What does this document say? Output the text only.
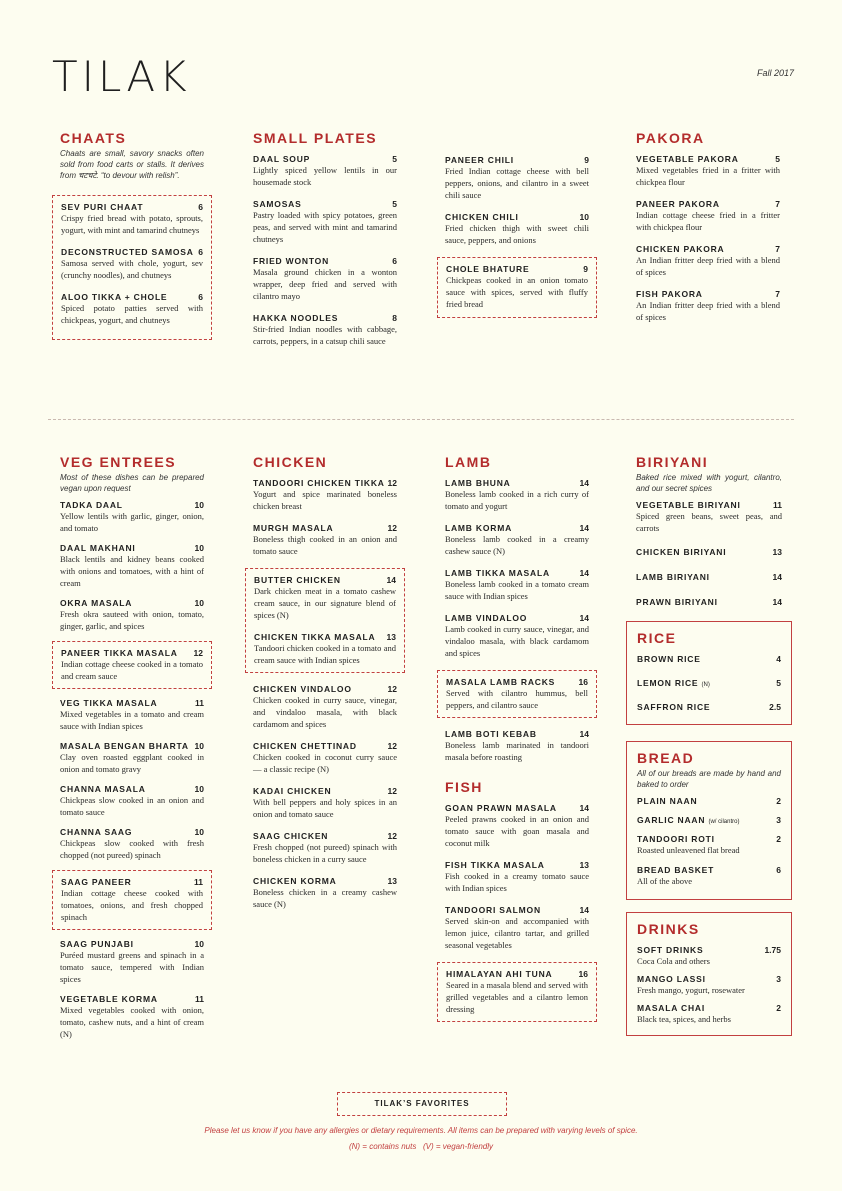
TILAK	Fall 2017
CHAATS
Chaats are small, savory snacks often sold from food carts or stalls. It derives from चटचटे. “to devour with relish”.
SEV PURI CHAAT	6
Crispy fried bread with potato, sprouts, yogurt, with mint and tamarind chutneys
DECONSTRUCTED SAMOSA 6
Samosa served with chole, yogurt, sev (crunchy noodles), and chutneys
ALOO TIKKA + CHOLE	6
Spiced potato patties served with chickpeas, yogurt, and chutneys
SMALL PLATES
DAAL SOUP	5
Lightly spiced yellow lentils in our housemade stock
SAMOSAS	5
Pastry loaded with spicy potatoes, green peas, and served with mint and tamarind chutneys
FRIED WONTON	6
Masala ground chicken in a wonton wrapper, deep fried and served with cilantro mayo
HAKKA NOODLES	8
Stir-fried Indian noodles with cabbage, carrots, peppers, in a catsup chili sauce
PANEER CHILI	9
Fried Indian cottage cheese with bell peppers, onions, and cilantro in a sweet chili sauce
CHICKEN CHILI	10
Fried chicken thigh with sweet chili sauce, peppers, and onions
CHOLE BHATURE	9
Chickpeas cooked in an onion tomato sauce with spices, served with fluffy fried bread
PAKORA
VEGETABLE PAKORA	5
Mixed vegetables fried in a fritter with chickpea flour
PANEER PAKORA	7
Indian cottage cheese fried in a fritter with chickpea flour
CHICKEN PAKORA	7
An Indian fritter deep fried with a blend of spices
FISH PAKORA	7
An Indian fritter deep fried with a blend of spices
VEG ENTREES
Most of these dishes can be prepared vegan upon request
TADKA DAAL	10
Yellow lentils with garlic, ginger, onion, and tomato
DAAL MAKHANI	10
Black lentils and kidney beans cooked with onions and tomatoes, with a hint of cream
OKRA MASALA	10
Fresh okra sauteed with onion, tomato, ginger, garlic, and spices
PANEER TIKKA MASALA 12
Indian cottage cheese cooked in a tomato and cream sauce
VEG TIKKA MASALA	11
Mixed vegetables in a tomato and cream sauce with Indian spices
MASALA BENGAN BHARTA 10
Clay oven roasted eggplant cooked in onion and tomato gravy
CHANNA MASALA	10
Chickpeas slow cooked in an onion and tomato sauce
CHANNA SAAG	10
Chickpeas slow cooked with fresh chopped (not pureed) spinach
SAAG PANEER	11
Indian cottage cheese cooked with tomatoes, onions, and fresh chopped spinach
SAAG PUNJABI	10
Puréed mustard greens and spinach in a tomato sauce, tempered with Indian spices
VEGETABLE KORMA	11
Mixed vegetables cooked with onion, tomato, cashew nuts, and a hint of cream (N)
CHICKEN
TANDOORI CHICKEN TIKKA 12
Yogurt and spice marinated boneless chicken breast
MURGH MASALA	12
Boneless thigh cooked in an onion and tomato sauce
BUTTER CHICKEN	14
Dark chicken meat in a tomato cashew cream sauce, in our signature blend of spices (N)
CHICKEN TIKKA MASALA 13
Tandoori chicken cooked in a tomato and cream sauce with Indian spices
CHICKEN VINDALOO	12
Chicken cooked in curry sauce, vinegar, and vindaloo masala, with black cardamom and spices
CHICKEN CHETTINAD	12
Chicken cooked in coconut curry sauce — a classic recipe (N)
KADAI CHICKEN	12
With bell peppers and holy spices in an onion and tomato sauce
SAAG CHICKEN	12
Fresh chopped (not pureed) spinach with boneless chicken in a curry sauce
CHICKEN KORMA	13
Boneless chicken in a creamy cashew sauce (N)
LAMB
LAMB BHUNA	14
Boneless lamb cooked in a rich curry of tomato and yogurt
LAMB KORMA	14
Boneless lamb cooked in a creamy cashew sauce (N)
LAMB TIKKA MASALA	14
Boneless lamb cooked in a tomato cream sauce with Indian spices
LAMB VINDALOO	14
Lamb cooked in curry sauce, vinegar, and vindaloo masala, with black cardamom and spices
MASALA LAMB RACKS	16
Served with cilantro hummus, bell peppers, and cilantro sauce
LAMB BOTI KEBAB	14
Boneless lamb marinated in tandoori masala before roasting
FISH
GOAN PRAWN MASALA	14
Peeled prawns cooked in an onion and tomato sauce with goan masala and coconut milk
FISH TIKKA MASALA	13
Fish cooked in a creamy tomato sauce with Indian spices
TANDOORI SALMON	14
Served skin-on and accompanied with lemon juice, cilantro tartar, and grilled seasonal vegetables
HIMALAYAN AHI TUNA	16
Seared in a masala blend and served with grilled vegetables and a cilantro lemon dressing
BIRIYANI
Baked rice mixed with yogurt, cilantro, and our secret spices
VEGETABLE BIRIYANI	11
Spiced green beans, sweet peas, and carrots
CHICKEN BIRIYANI	13
LAMB BIRIYANI	14
PRAWN BIRIYANI	14
RICE
BROWN RICE	4
LEMON RICE (N)	5
SAFFRON RICE	2.5
BREAD
All of our breads are made by hand and baked to order
PLAIN NAAN	2
GARLIC NAAN (w/ cilantro)	3
TANDOORI ROTI	2
Roasted unleavened flat bread
BREAD BASKET	6
All of the above
DRINKS
SOFT DRINKS	1.75
Coca Cola and others
MANGO LASSI	3
Fresh mango, yogurt, rosewater
MASALA CHAI	2
Black tea, spices, and herbs
TILAK’S FAVORITES
Please let us know if you have any allergies or dietary requirements. All items can be prepared with varying levels of spice.
(N) = contains nuts   (V) = vegan-friendly
